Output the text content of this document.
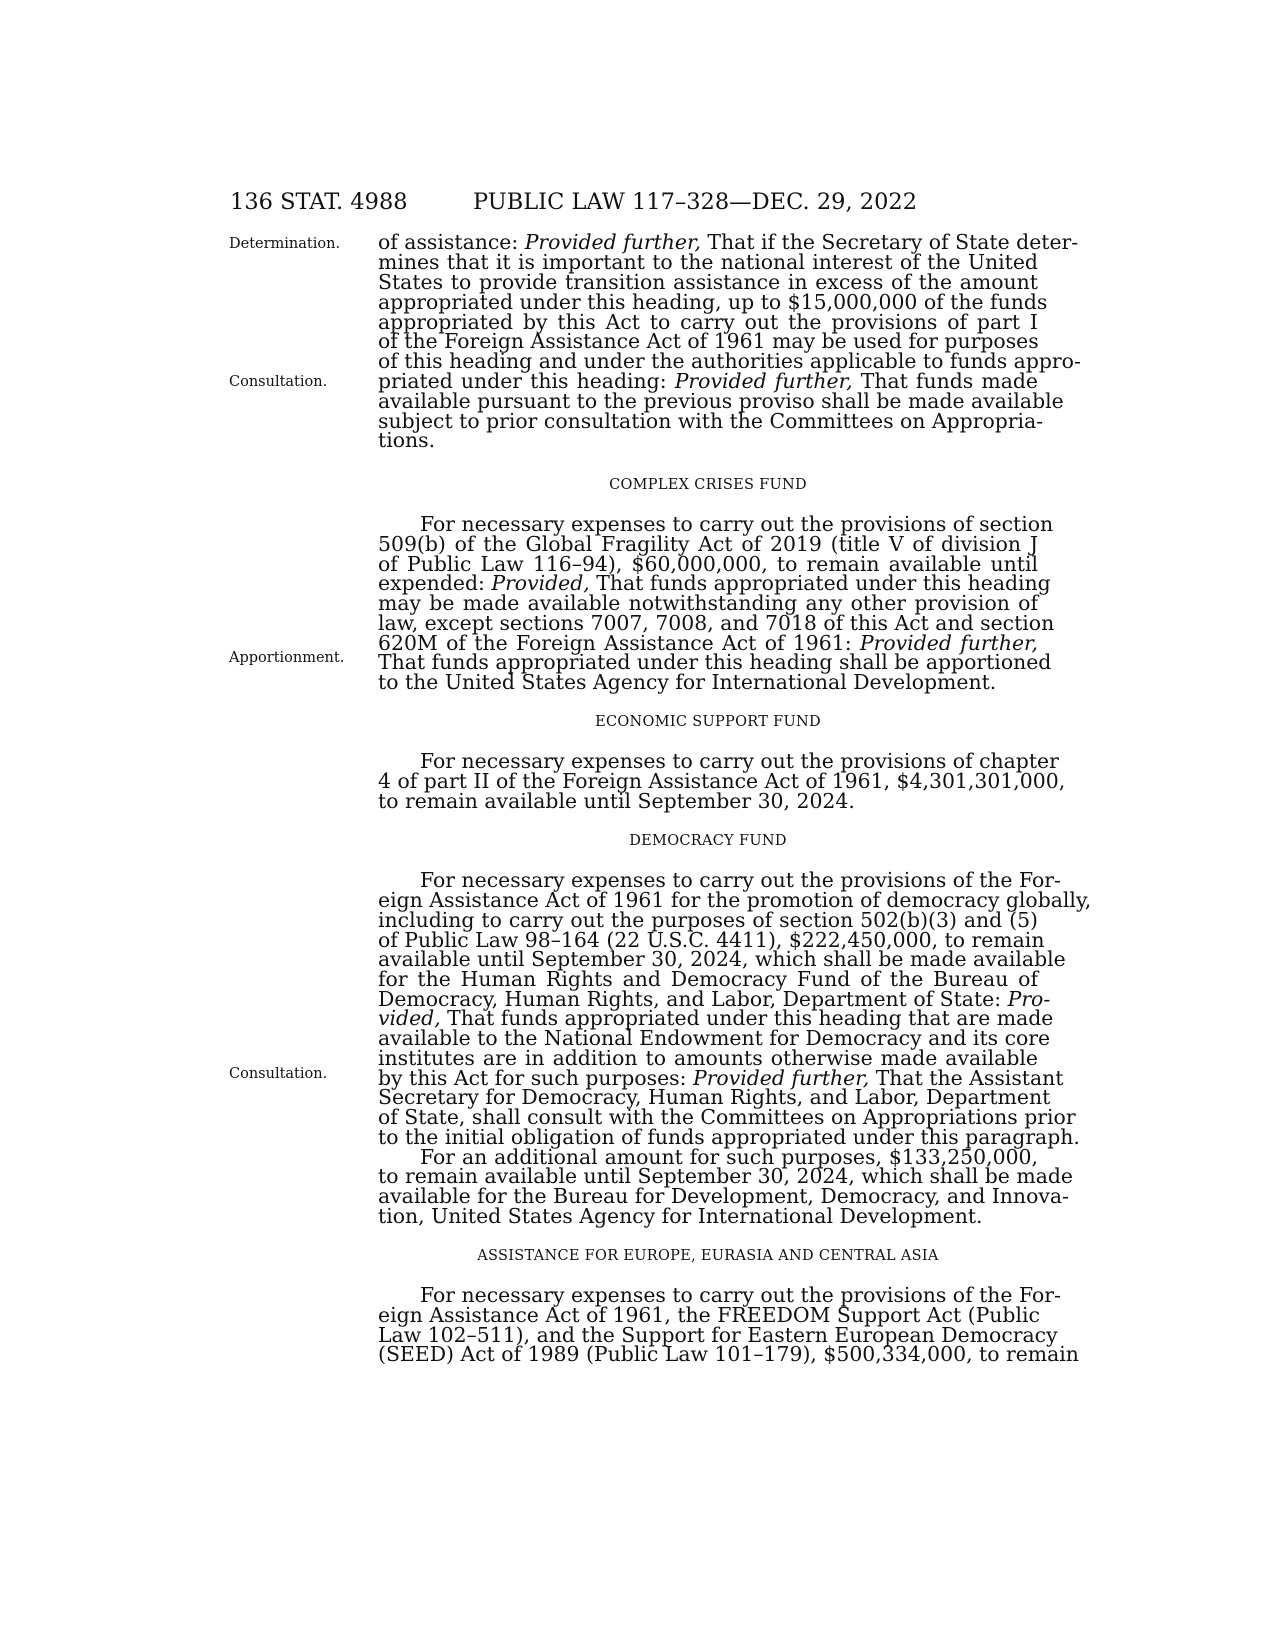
136 STAT. 4988	PUBLIC LAW 117–328—DEC. 29, 2022
Determination.
Consultation.
Apportionment.
Consultation.
of assistance: Provided further, That if the Secretary of State deter-
mines that it is important to the national interest of the United
States to provide transition assistance in excess of the amount
appropriated under this heading, up to $15,000,000 of the funds
appropriated by this Act to carry out the provisions of part I
of the Foreign Assistance Act of 1961 may be used for purposes
of this heading and under the authorities applicable to funds appro-
priated under this heading: Provided further, That funds made
available pursuant to the previous proviso shall be made available
subject to prior consultation with the Committees on Appropria-
tions.
COMPLEX CRISES FUND
For necessary expenses to carry out the provisions of section
509(b) of the Global Fragility Act of 2019 (title V of division J
of Public Law 116–94), $60,000,000, to remain available until
expended: Provided, That funds appropriated under this heading
may be made available notwithstanding any other provision of
law, except sections 7007, 7008, and 7018 of this Act and section
620M of the Foreign Assistance Act of 1961: Provided further,
That funds appropriated under this heading shall be apportioned
to the United States Agency for International Development.
ECONOMIC SUPPORT FUND
For necessary expenses to carry out the provisions of chapter
4 of part II of the Foreign Assistance Act of 1961, $4,301,301,000,
to remain available until September 30, 2024.
DEMOCRACY FUND
For necessary expenses to carry out the provisions of the For-
eign Assistance Act of 1961 for the promotion of democracy globally,
including to carry out the purposes of section 502(b)(3) and (5)
of Public Law 98–164 (22 U.S.C. 4411), $222,450,000, to remain
available until September 30, 2024, which shall be made available
for the Human Rights and Democracy Fund of the Bureau of
Democracy, Human Rights, and Labor, Department of State: Pro-
vided, That funds appropriated under this heading that are made
available to the National Endowment for Democracy and its core
institutes are in addition to amounts otherwise made available
by this Act for such purposes: Provided further, That the Assistant
Secretary for Democracy, Human Rights, and Labor, Department
of State, shall consult with the Committees on Appropriations prior
to the initial obligation of funds appropriated under this paragraph.
For an additional amount for such purposes, $133,250,000,
to remain available until September 30, 2024, which shall be made
available for the Bureau for Development, Democracy, and Innova-
tion, United States Agency for International Development.
ASSISTANCE FOR EUROPE, EURASIA AND CENTRAL ASIA
For necessary expenses to carry out the provisions of the For-
eign Assistance Act of 1961, the FREEDOM Support Act (Public
Law 102–511), and the Support for Eastern European Democracy
(SEED) Act of 1989 (Public Law 101–179), $500,334,000, to remain
